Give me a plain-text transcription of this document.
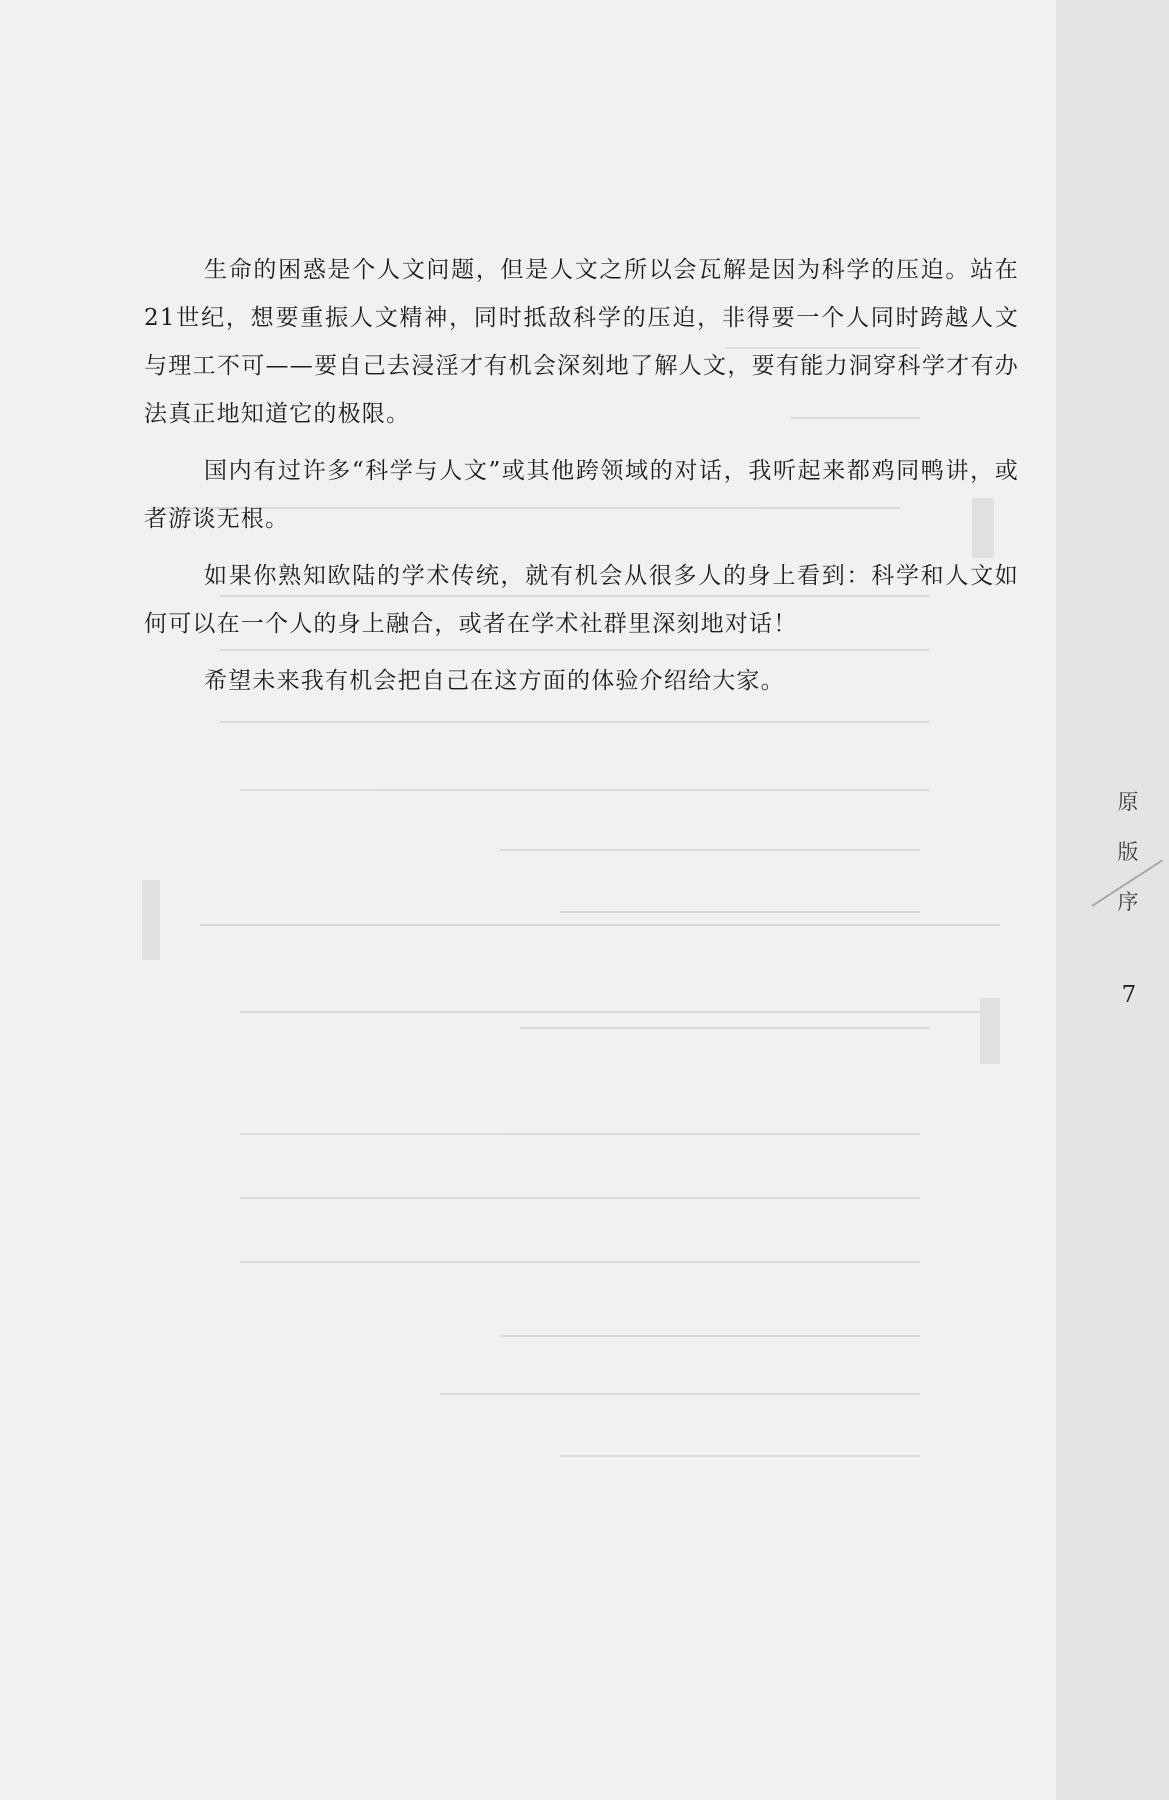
生命的困惑是个人文问题，但是人文之所以会瓦解是因为科学的压迫。站在21世纪，想要重振人文精神，同时抵敌科学的压迫，非得要一个人同时跨越人文与理工不可——要自己去浸淫才有机会深刻地了解人文，要有能力洞穿科学才有办法真正地知道它的极限。

国内有过许多“科学与人文”或其他跨领域的对话，我听起来都鸡同鸭讲，或者游谈无根。

如果你熟知欧陆的学术传统，就有机会从很多人的身上看到：科学和人文如何可以在一个人的身上融合，或者在学术社群里深刻地对话！

希望未来我有机会把自己在这方面的体验介绍给大家。

原
版
序
7
